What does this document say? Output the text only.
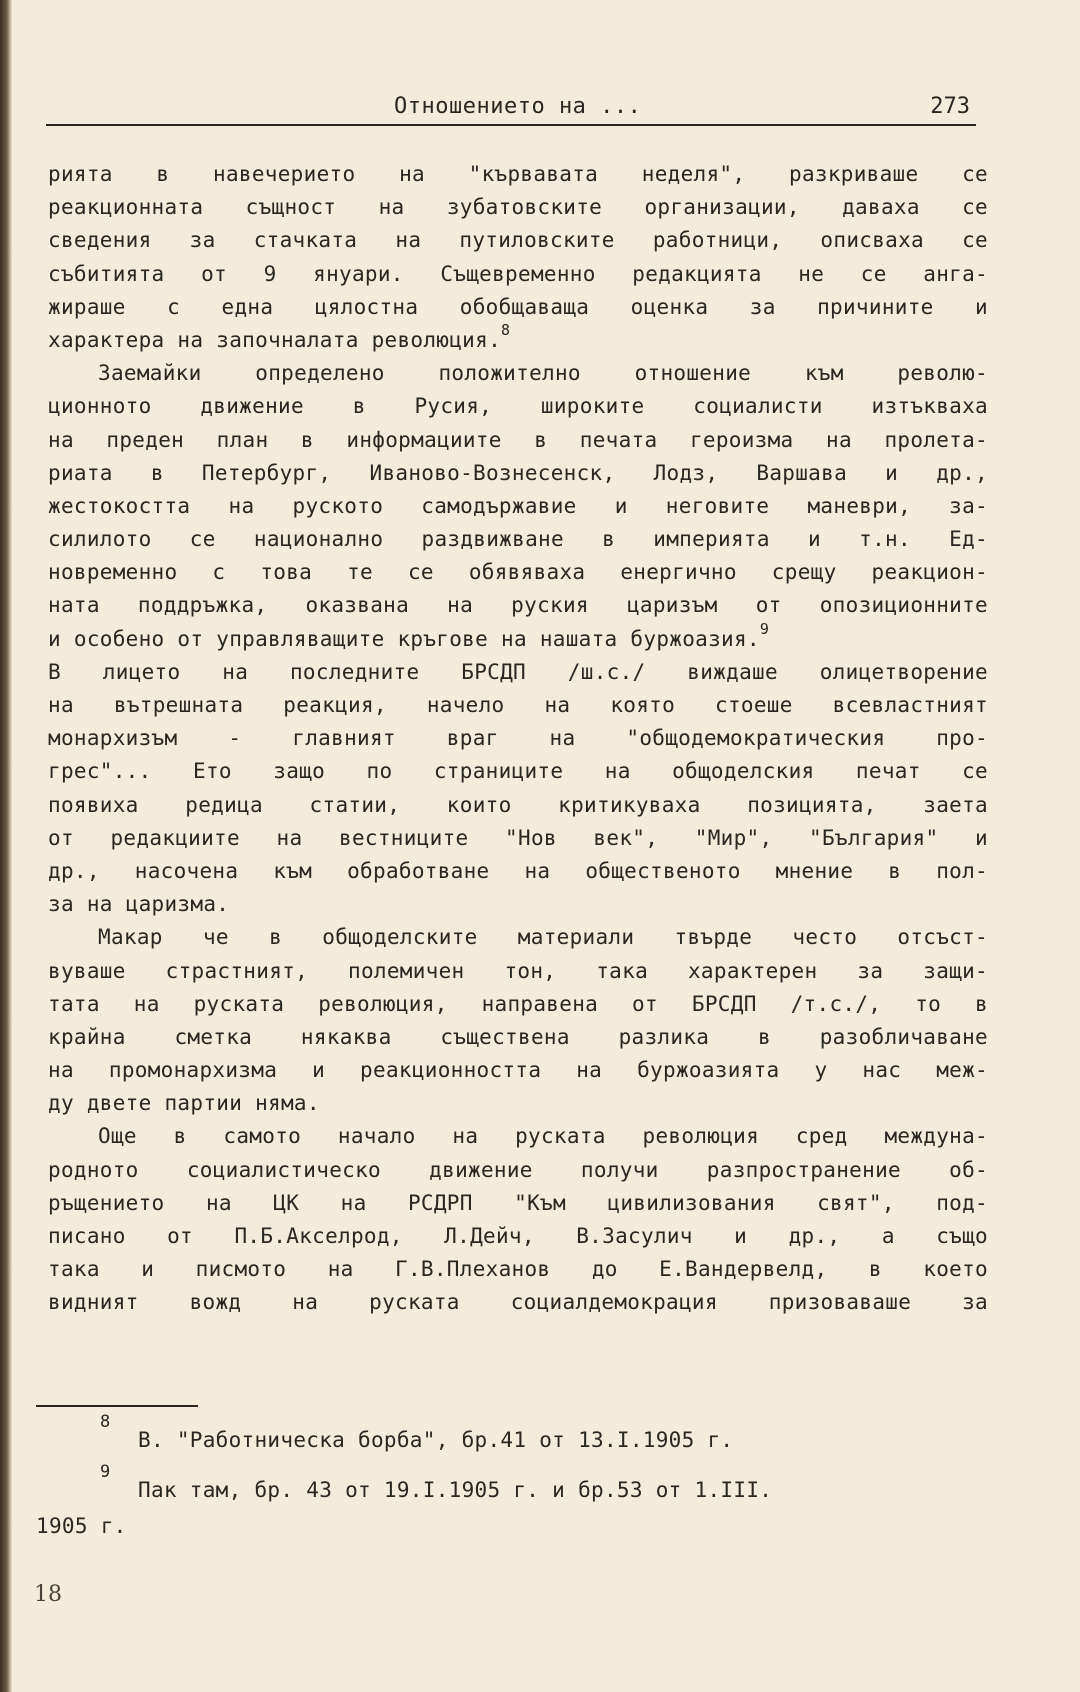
Отношението на ...	273
рията в навечерието на "кървавата неделя", разкриваше се
реакционната същност на зубатовските организации, даваха се
сведения за стачката на путиловските работници, описваха се
събитията от 9 януари. Същевременно редакцията не се анга-
жираше с една цялостна обобщаваща оценка за причините и
характера на започналата революция.$^8$
Заемайки определено положително отношение към револю-
ционното движение в Русия, широките социалисти изтъкваха
на преден план в информациите в печата героизма на пролета-
риата в Петербург, Иваново-Вознесенск, Лодз, Варшава и др.,
жестокостта на руското самодържавие и неговите маневри, за-
силилото се национално раздвижване в империята и т.н. Ед-
новременно с това те се обявяваха енергично срещу реакцион-
ната поддръжка, оказвана на руския царизъм от опозиционните
и особено от управляващите кръгове на нашата буржоазия.$^9$
В лицето на последните БРСДП /ш.с./ виждаше олицетворение
на вътрешната реакция, начело на която стоеше всевластният
монархизъм - главният враг на "общодемократическия про-
грес"... Ето защо по страниците на общоделския печат се
появиха редица статии, които критикуваха позицията, заета
от редакциите на вестниците "Нов век", "Мир", "България" и
др., насочена към обработване на общественото мнение в пол-
за на царизма.
Макар че в общоделските материали твърде често отсъст-
вуваше страстният, полемичен тон, така характерен за защи-
тата на руската революция, направена от БРСДП /т.с./, то в
крайна сметка някаква съществена разлика в разобличаване
на промонархизма и реакционността на буржоазията у нас меж-
ду двете партии няма.
Още в самото начало на руската революция сред междуна-
родното социалистическо движение получи разпространение об-
ръщението на ЦК на РСДРП "Към цивилизования свят", под-
писано от П.Б.Акселрод, Л.Дейч, В.Засулич и др., а също
така и писмото на Г.В.Плеханов до Е.Вандервелд, в което
видният вожд на руската социалдемокрация призоваваше за
8
В. "Работническа борба", бр.41 от 13.I.1905 г.
9
Пак там, бр. 43 от 19.I.1905 г. и бр.53 от 1.III.
1905 г.
18
